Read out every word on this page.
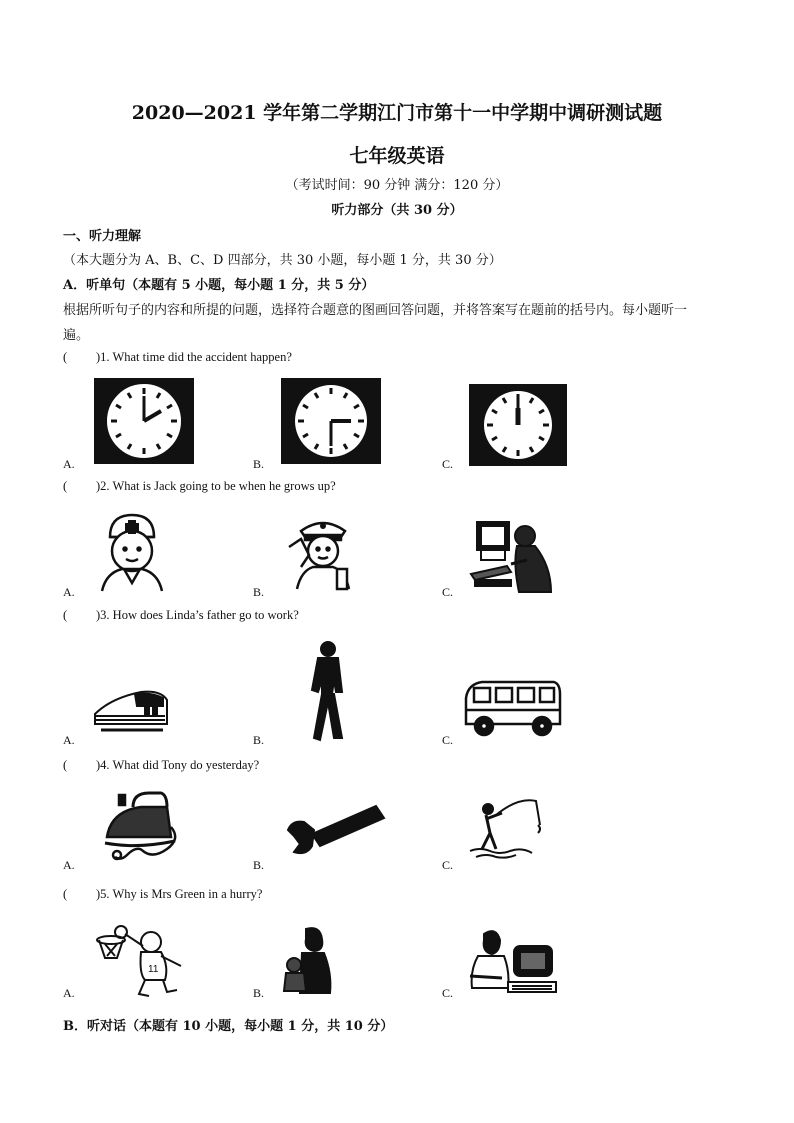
2020—2021 学年第二学期江门市第十一中学期中调研测试题
七年级英语
（考试时间：90 分钟 满分：120 分）
听力部分（共 30 分）
一、听力理解
（本大题分为 A、B、C、D 四部分，共 30 小题，每小题 1 分，共 30 分）
A．听单句（本题有 5 小题，每小题 1 分，共 5 分）
根据所听句子的内容和所提的问题，选择符合题意的图画回答问题，并将答案写在题前的括号内。每小题听一
遍。
( )1. What time did the accident happen?
A.	B.	C.
( )2. What is Jack going to be when he grows up?
A.	B.	C.
( )3. How does Linda’s father go to work?
A.	B.	C.
( )4. What did Tony do yesterday?
A.	B.	C.
( )5. Why is Mrs Green in a hurry?
11
A.	B.	C.
B．听对话（本题有 10 小题，每小题 1 分，共 10 分）
